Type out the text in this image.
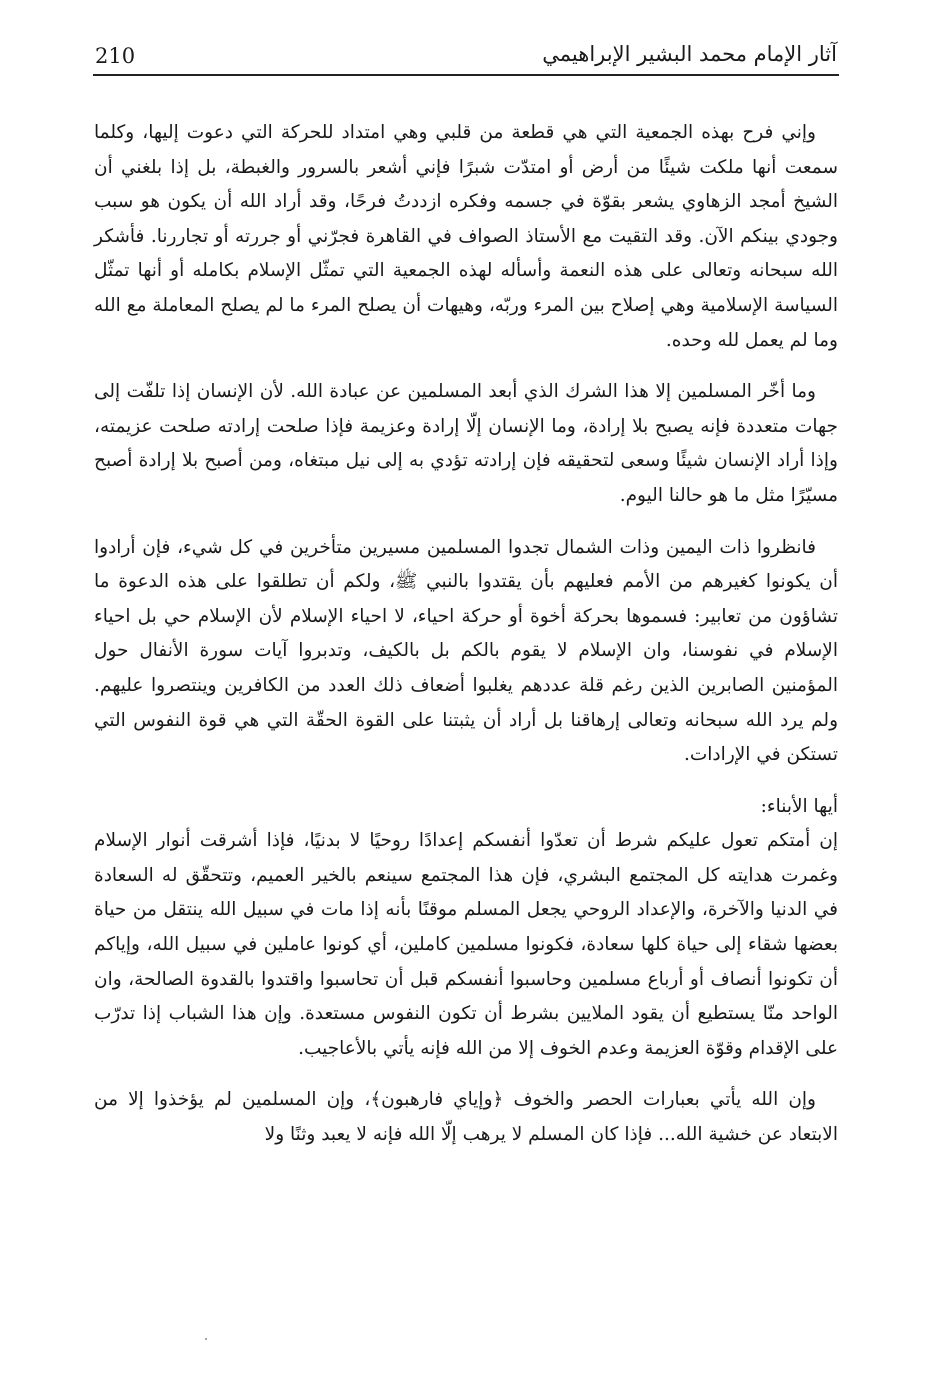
210	آثار الإمام محمد البشير الإبراهيمي

وإني فرح بهذه الجمعية التي هي قطعة من قلبي وهي امتداد للحركة التي دعوت إليها، وكلما سمعت أنها ملكت شيئًا من أرض أو امتدّت شبرًا فإني أشعر بالسرور والغبطة، بل إذا بلغني أن الشيخ أمجد الزهاوي يشعر بقوّة في جسمه وفكره ازددتُ فرحًا، وقد أراد الله أن يكون هو سبب وجودي بينكم الآن. وقد التقيت مع الأستاذ الصواف في القاهرة فجرّني أو جررته أو تجاررنا. فأشكر الله سبحانه وتعالى على هذه النعمة وأسأله لهذه الجمعية التي تمثّل الإسلام بكامله أو أنها تمثّل السياسة الإسلامية وهي إصلاح بين المرء وربّه، وهيهات أن يصلح المرء ما لم يصلح المعاملة مع الله وما لم يعمل لله وحده.

وما أخّر المسلمين إلا هذا الشرك الذي أبعد المسلمين عن عبادة الله. لأن الإنسان إذا تلفّت إلى جهات متعددة فإنه يصبح بلا إرادة، وما الإنسان إلّا إرادة وعزيمة فإذا صلحت إرادته صلحت عزيمته، وإذا أراد الإنسان شيئًا وسعى لتحقيقه فإن إرادته تؤدي به إلى نيل مبتغاه، ومن أصبح بلا إرادة أصبح مسيّرًا مثل ما هو حالنا اليوم.

فانظروا ذات اليمين وذات الشمال تجدوا المسلمين مسيرين متأخرين في كل شيء، فإن أرادوا أن يكونوا كغيرهم من الأمم فعليهم بأن يقتدوا بالنبي ﷺ، ولكم أن تطلقوا على هذه الدعوة ما تشاؤون من تعابير: فسموها بحركة أخوة أو حركة احياء، لا احياء الإسلام لأن الإسلام حي بل احياء الإسلام في نفوسنا، وان الإسلام لا يقوم بالكم بل بالكيف، وتدبروا آيات سورة الأنفال حول المؤمنين الصابرين الذين رغم قلة عددهم يغلبوا أضعاف ذلك العدد من الكافرين وينتصروا عليهم. ولم يرد الله سبحانه وتعالى إرهاقنا بل أراد أن يثبتنا على القوة الحقّة التي هي قوة النفوس التي تستكن في الإرادات.

أيها الأبناء:

إن أمتكم تعول عليكم شرط أن تعدّوا أنفسكم إعدادًا روحيًا لا بدنيًا، فإذا أشرقت أنوار الإسلام وغمرت هدايته كل المجتمع البشري، فإن هذا المجتمع سينعم بالخير العميم، وتتحقّق له السعادة في الدنيا والآخرة، والإعداد الروحي يجعل المسلم موقنًا بأنه إذا مات في سبيل الله ينتقل من حياة بعضها شقاء إلى حياة كلها سعادة، فكونوا مسلمين كاملين، أي كونوا عاملين في سبيل الله، وإياكم أن تكونوا أنصاف أو أرباع مسلمين وحاسبوا أنفسكم قبل أن تحاسبوا واقتدوا بالقدوة الصالحة، وان الواحد منّا يستطيع أن يقود الملايين بشرط أن تكون النفوس مستعدة. وإن هذا الشباب إذا تدرّب على الإقدام وقوّة العزيمة وعدم الخوف إلا من الله فإنه يأتي بالأعاجيب.

وإن الله يأتي بعبارات الحصر والخوف ﴿وإياي فارهبون﴾، وإن المسلمين لم يؤخذوا إلا من الابتعاد عن خشية الله... فإذا كان المسلم لا يرهب إلّا الله فإنه لا يعبد وثنًا ولا
